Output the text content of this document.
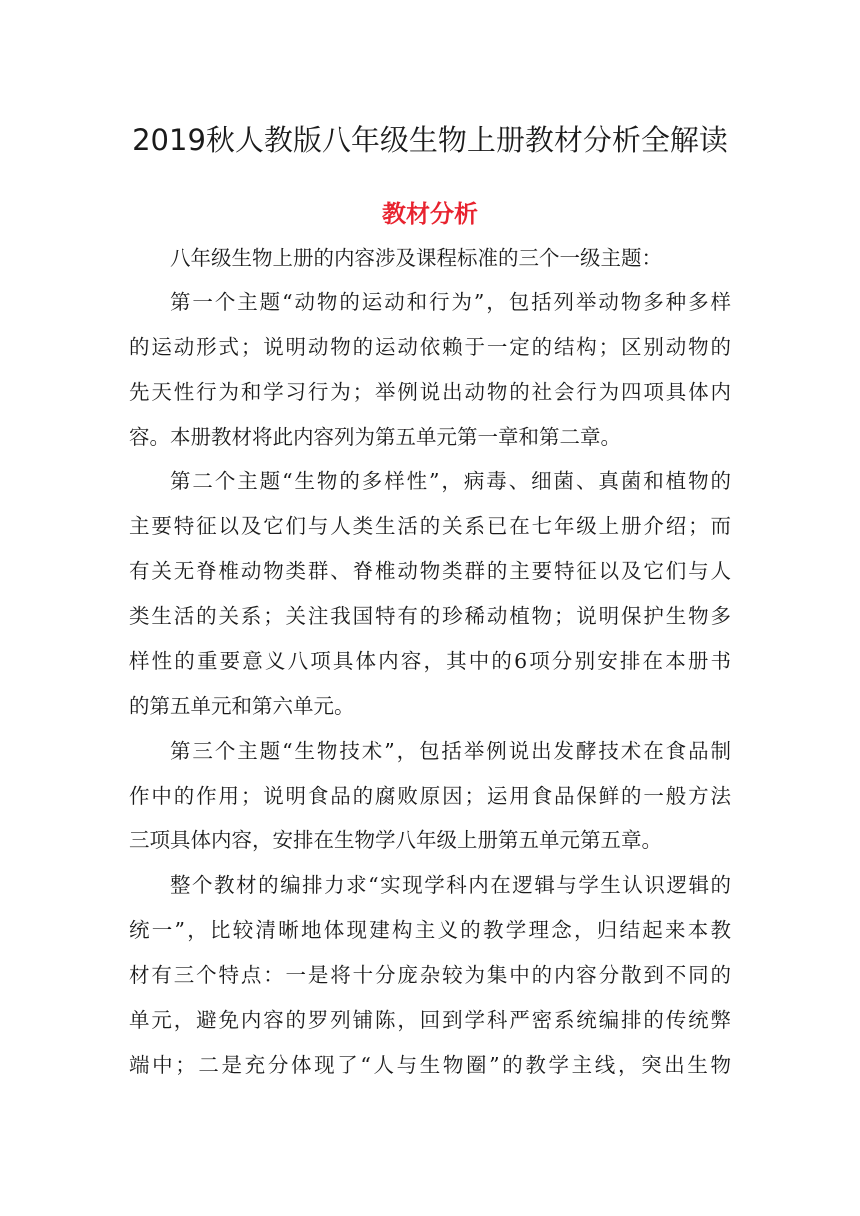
2019秋人教版八年级生物上册教材分析全解读
教材分析
八年级生物上册的内容涉及课程标准的三个一级主题：
第一个主题“动物的运动和行为”，包括列举动物多种多样
的运动形式；说明动物的运动依赖于一定的结构；区别动物的
先天性行为和学习行为；举例说出动物的社会行为四项具体内
容。本册教材将此内容列为第五单元第一章和第二章。
第二个主题“生物的多样性”，病毒、细菌、真菌和植物的
主要特征以及它们与人类生活的关系已在七年级上册介绍；而
有关无脊椎动物类群、脊椎动物类群的主要特征以及它们与人
类生活的关系；关注我国特有的珍稀动植物；说明保护生物多
样性的重要意义八项具体内容，其中的6项分别安排在本册书
的第五单元和第六单元。
第三个主题“生物技术”，包括举例说出发酵技术在食品制
作中的作用；说明食品的腐败原因；运用食品保鲜的一般方法
三项具体内容，安排在生物学八年级上册第五单元第五章。
整个教材的编排力求“实现学科内在逻辑与学生认识逻辑的
统一”，比较清晰地体现建构主义的教学理念，归结起来本教
材有三个特点：一是将十分庞杂较为集中的内容分散到不同的
单元，避免内容的罗列铺陈，回到学科严密系统编排的传统弊
端中；二是充分体现了“人与生物圈”的教学主线，突出生物
